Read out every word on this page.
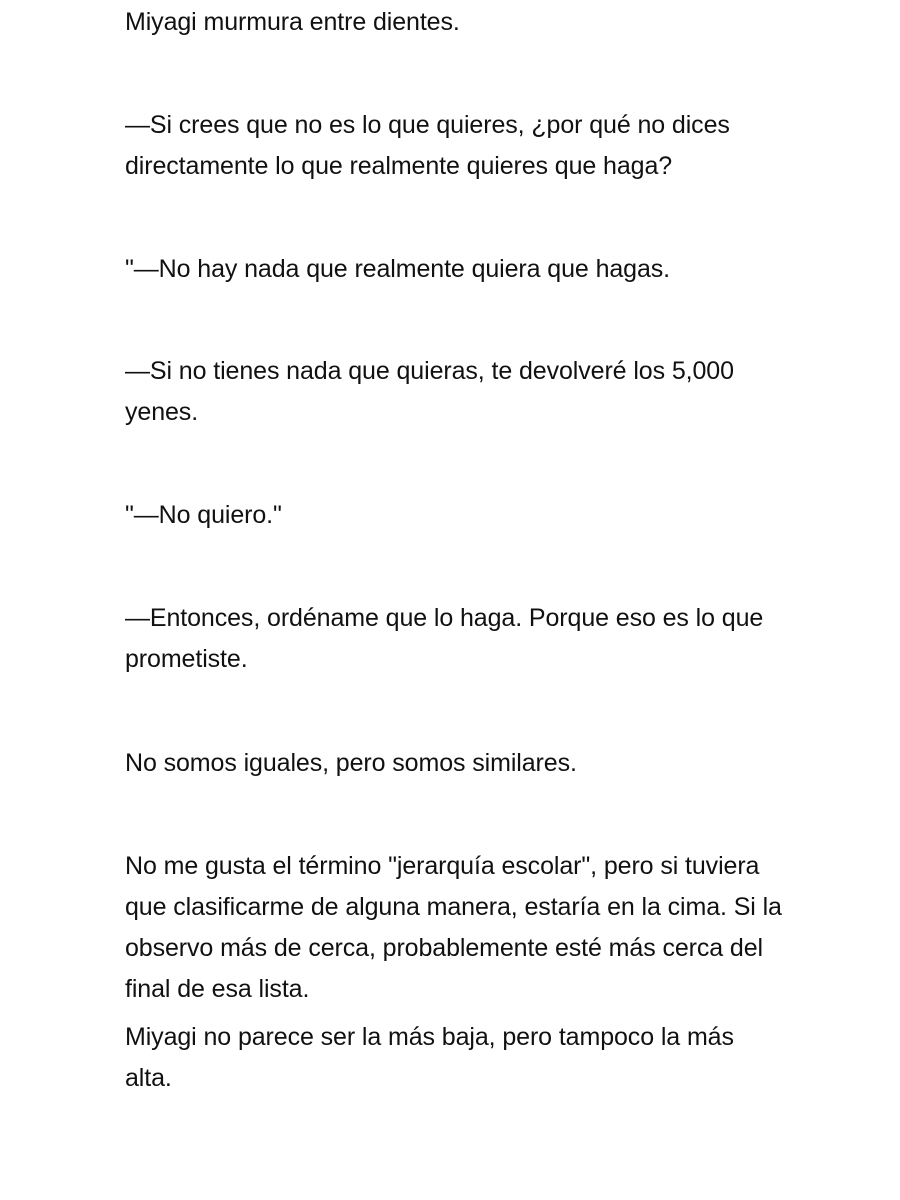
Miyagi murmura entre dientes.

—Si crees que no es lo que quieres, ¿por qué no dices directamente lo que realmente quieres que haga?

"—No hay nada que realmente quiera que hagas.

—Si no tienes nada que quieras, te devolveré los 5,000 yenes.

"—No quiero."

—Entonces, ordéname que lo haga. Porque eso es lo que prometiste.

No somos iguales, pero somos similares.

No me gusta el término "jerarquía escolar", pero si tuviera que clasificarme de alguna manera, estaría en la cima. Si la observo más de cerca, probablemente esté más cerca del final de esa lista.

Miyagi no parece ser la más baja, pero tampoco la más alta.
